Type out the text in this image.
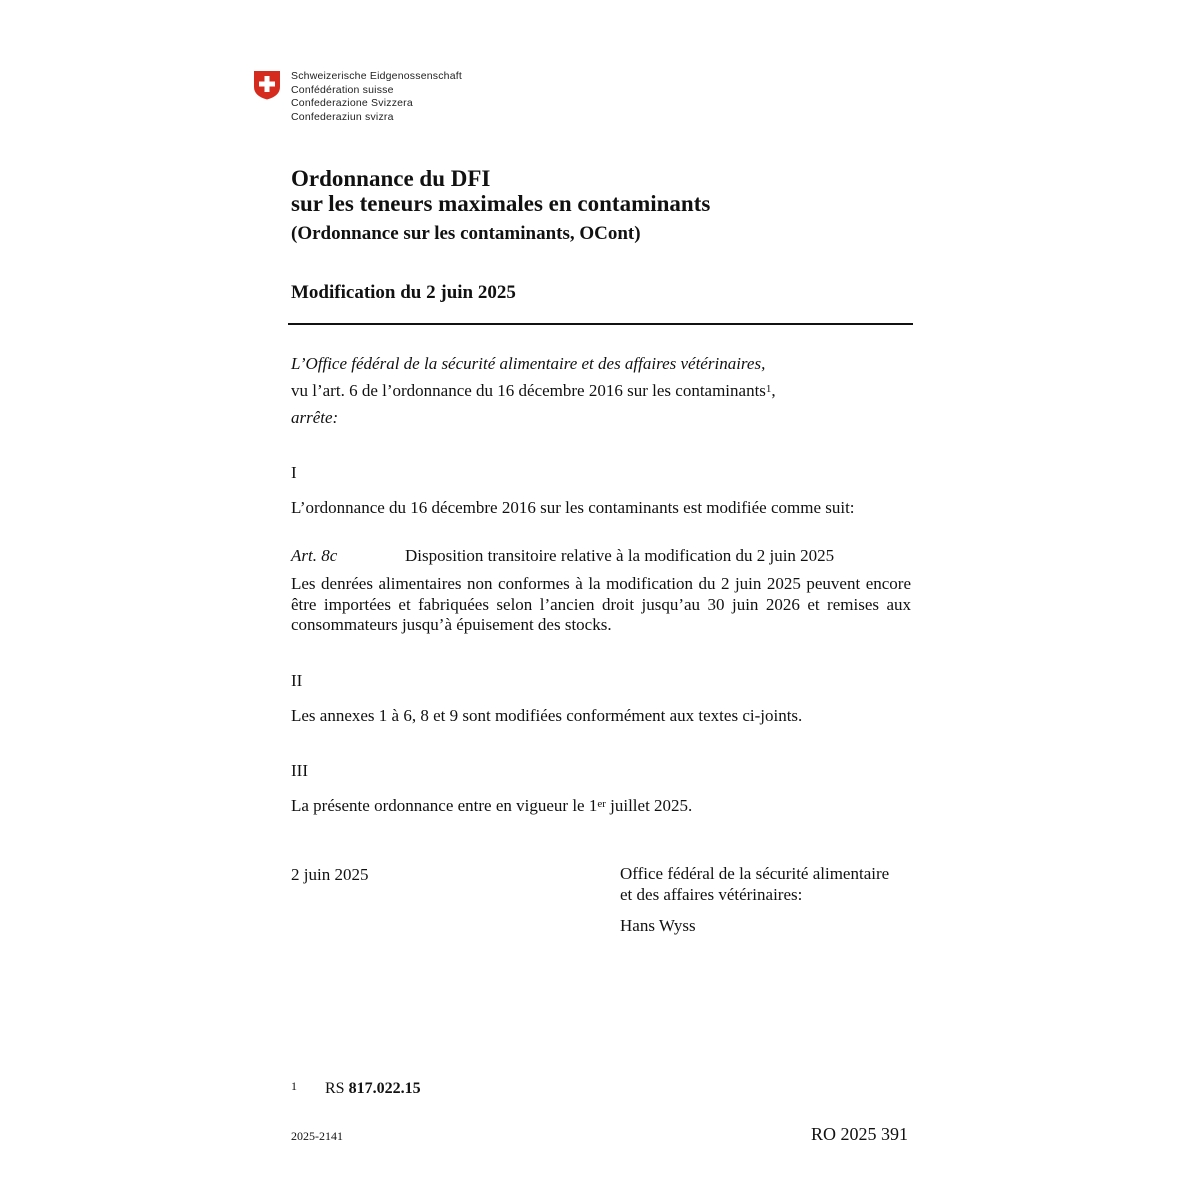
Schweizerische Eidgenossenschaft
Confédération suisse
Confederazione Svizzera
Confederaziun svizra
Ordonnance du DFI
sur les teneurs maximales en contaminants
(Ordonnance sur les contaminants, OCont)
Modification du 2 juin 2025
L’Office fédéral de la sécurité alimentaire et des affaires vétérinaires,
vu l’art. 6 de l’ordonnance du 16 décembre 2016 sur les contaminants$^1$,
arrête:
I
L’ordonnance du 16 décembre 2016 sur les contaminants est modifiée comme suit:
Art. 8c	Disposition transitoire relative à la modification du 2 juin 2025
Les denrées alimentaires non conformes à la modification du 2 juin 2025 peuvent encore être importées et fabriquées selon l’ancien droit jusqu’au 30 juin 2026 et remises aux consommateurs jusqu’à épuisement des stocks.
II
Les annexes 1 à 6, 8 et 9 sont modifiées conformément aux textes ci-joints.
III
La présente ordonnance entre en vigueur le 1er juillet 2025.
2 juin 2025	Office fédéral de la sécurité alimentaire
et des affaires vétérinaires:
Hans Wyss
1 RS 817.022.15
2025-2141	RO 2025 391
